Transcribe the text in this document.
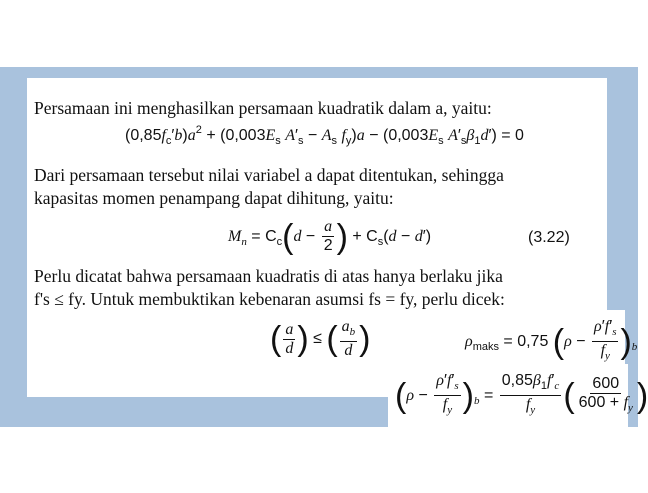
Persamaan ini menghasilkan persamaan kuadratik dalam a, yaitu:
$(0,85f_c'b)a^2 + (0,003E_s$ $A'_s - A_s$ $f_y)a - (0,003E_s$ $A'_s\beta_1d') = 0$
Dari persamaan tersebut nilai variabel a dapat ditentukan, sehingga
kapasitas momen penampang dapat dihitung, yaitu:
$M_n = C_c(d - \frac{a}{2}$ ) + $C_s(d - d')$	(3.22)
Perlu dicatat bahwa persamaan kuadratis di atas hanya berlaku jika
f's ≤ fy. Untuk membuktikan kebenaran asumsi fs = fy, perlu dicek:
( $\frac{a}{d}$ ) ≤ ( $\frac{a_b}{d}$ )	$\rho_{maks} = 0,75$ $(\rho - \frac{\rho'f'_s}{f_y} )_b$
$(\rho - \frac{\rho'f'_s}{f_y} )_b = \frac{0,85\beta_1f'_c}{f_y}$ ( $\frac{600}{600 + f_y}$ )
